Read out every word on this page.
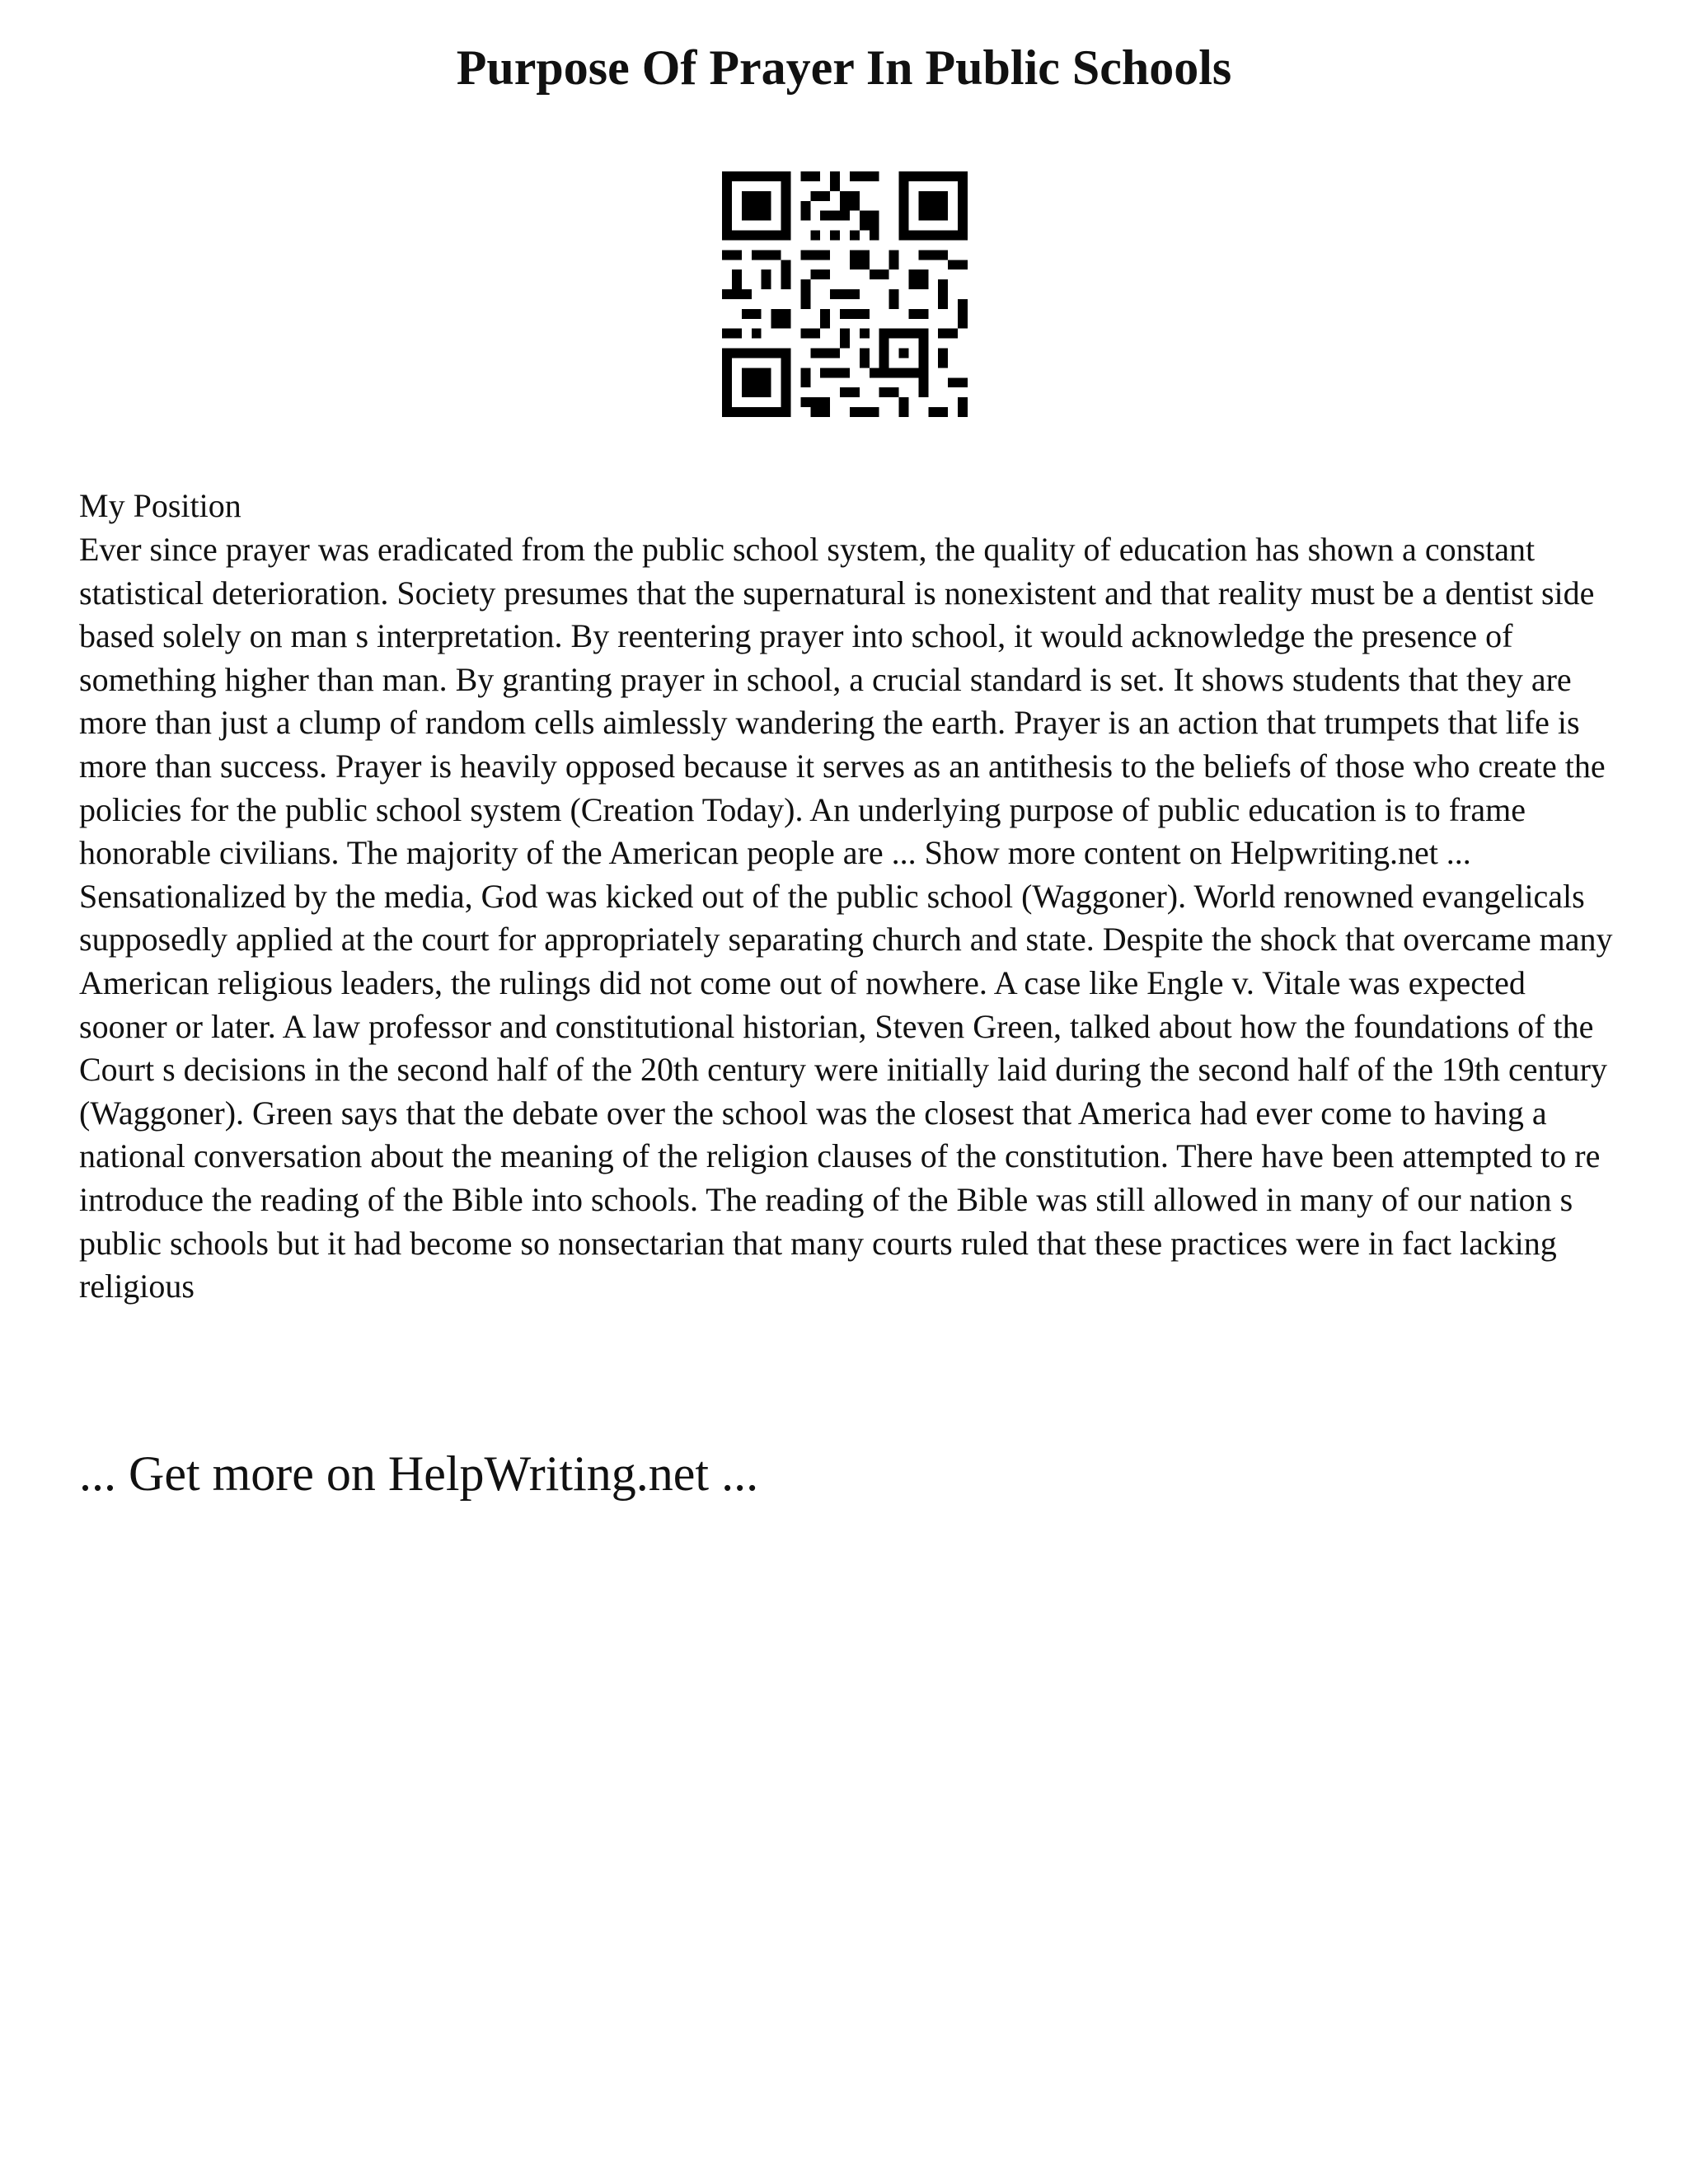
Purpose Of Prayer In Public Schools
My Position

Ever since prayer was eradicated from the public school system, the quality of education has shown a constant statistical deterioration. Society presumes that the supernatural is nonexistent and that reality must be a dentist side based solely on man s interpretation. By reentering prayer into school, it would acknowledge the presence of something higher than man. By granting prayer in school, a crucial standard is set. It shows students that they are more than just a clump of random cells aimlessly wandering the earth. Prayer is an action that trumpets that life is more than success. Prayer is heavily opposed because it serves as an antithesis to the beliefs of those who create the policies for the public school system (Creation Today). An underlying purpose of public education is to frame honorable civilians. The majority of the American people are ... Show more content on Helpwriting.net ... Sensationalized by the media, God was kicked out of the public school (Waggoner). World renowned evangelicals supposedly applied at the court for appropriately separating church and state. Despite the shock that overcame many American religious leaders, the rulings did not come out of nowhere. A case like Engle v. Vitale was expected sooner or later. A law professor and constitutional historian, Steven Green, talked about how the foundations of the Court s decisions in the second half of the 20th century were initially laid during the second half of the 19th century (Waggoner). Green says that the debate over the school was the closest that America had ever come to having a national conversation about the meaning of the religion clauses of the constitution. There have been attempted to re introduce the reading of the Bible into schools. The reading of the Bible was still allowed in many of our nation s public schools but it had become so nonsectarian that many courts ruled that these practices were in fact lacking religious

... Get more on HelpWriting.net ...
